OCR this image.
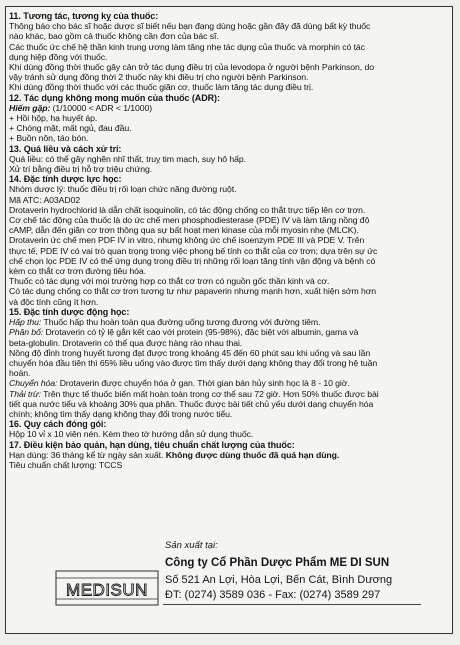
11. Tương tác, tương kỵ của thuốc:

Thông báo cho bác sĩ hoặc dược sĩ biết nếu bạn đang dùng hoặc gần đây đã dùng bất kỳ thuốc

nào khác, bao gồm cả thuốc không cần đơn của bác sĩ.

Các thuốc ức chế hệ thần kinh trung ương làm tăng nhẹ tác dụng của thuốc và morphin có tác

dụng hiệp đồng với thuốc.

Khi dùng đồng thời thuốc gây cản trở tác dụng điều trị của levodopa ở người bệnh Parkinson, do

vậy tránh sử dụng đồng thời 2 thuốc này khi điều trị cho người bệnh Parkinson.

Khi dùng đồng thời thuốc với các thuốc giãn cơ, thuốc làm tăng tác dụng điều trị.

12. Tác dụng không mong muốn của thuốc (ADR):

Hiếm gặp: (1/10000 < ADR < 1/1000)

+ Hồi hộp, hạ huyết áp.

+ Chóng mặt, mất ngủ, đau đầu.

+ Buồn nôn, táo bón.

13. Quá liều và cách xử trí:

Quá liều: có thể gây nghẽn nhĩ thất, truỵ tim mạch, suy hô hấp.

Xử trí bằng điều trị hỗ trợ triệu chứng.

14. Đặc tính dược lực học:

Nhóm dược lý: thuốc điều trị rối loạn chức năng đường ruột.

Mã ATC: A03AD02

Drotaverin hydrochlorid là dẫn chất isoquinolin, có tác động chống co thắt trực tiếp lên cơ trơn.

Cơ chế tác động của thuốc là do ức chế men phosphodiesterase (PDE) IV và làm tăng nồng độ

cAMP, dẫn đến giãn cơ trơn thông qua sự bất hoạt men kinase của mỗi myosin nhẹ (MLCK).

Drotaverin ức chế men PDF IV in vitro, nhưng không ức chế isoenzym PDE III và PDE V. Trên

thực tế, PDE IV có vai trò quan trọng trong việc phong bế tính co thắt của cơ trơn; dựa trên sự ức

chế chọn lọc PDE IV có thể ứng dụng trong điều trị những rối loạn tăng tính vận động và bệnh có

kèm co thắt cơ trơn đường tiêu hóa.

Thuốc có tác dụng với mọi trường hợp co thắt cơ trơn có nguồn gốc thần kinh và cơ.

Có tác dụng chống co thắt cơ trơn tương tự như papaverin nhưng mạnh hơn, xuất hiện sớm hơn

và độc tính cũng ít hơn.

15. Đặc tính dược động học:

Hấp thu: Thuốc hấp thu hoàn toàn qua đường uống tương đương với đường tiêm.

Phân bố: Drotaverin có tỷ lệ gắn kết cao với protein (95-98%), đặc biệt với albumin, gama và

beta-globulin. Drotaverin có thể qua được hàng rào nhau thai.

Nồng độ đỉnh trong huyết tương đạt được trong khoảng 45 đến 60 phút sau khi uống và sau lần

chuyển hóa đầu tiên thì 65% liều uống vào được tìm thấy dưới dạng không thay đổi trong hệ tuần

hoàn.

Chuyển hóa: Drotaverin được chuyển hóa ở gan. Thời gian bán hủy sinh học là 8 - 10 giờ.

Thải trừ: Trên thực tế thuốc biến mất hoàn toàn trong cơ thể sau 72 giờ. Hơn 50% thuốc được bài

tiết qua nước tiểu và khoảng 30% qua phân. Thuốc được bài tiết chủ yếu dưới dạng chuyển hóa

chính; không tìm thấy dạng không thay đổi trong nước tiểu.

16. Quy cách đóng gói:

Hộp 10 vỉ x 10 viên nén. Kèm theo tờ hướng dẫn sử dụng thuốc.

17. Điều kiện bảo quản, hạn dùng, tiêu chuẩn chất lượng của thuốc:

Hạn dùng: 36 tháng kể từ ngày sản xuất. Không được dùng thuốc đã quá hạn dùng.

Tiêu chuẩn chất lượng: TCCS

Sản xuất tại:
MEDISUN
Công ty Cổ Phần Dược Phẩm ME DI SUN
Số 521 An Lợi, Hòa Lợi, Bến Cát, Bình Dương
ĐT: (0274) 3589 036 - Fax: (0274) 3589 297
